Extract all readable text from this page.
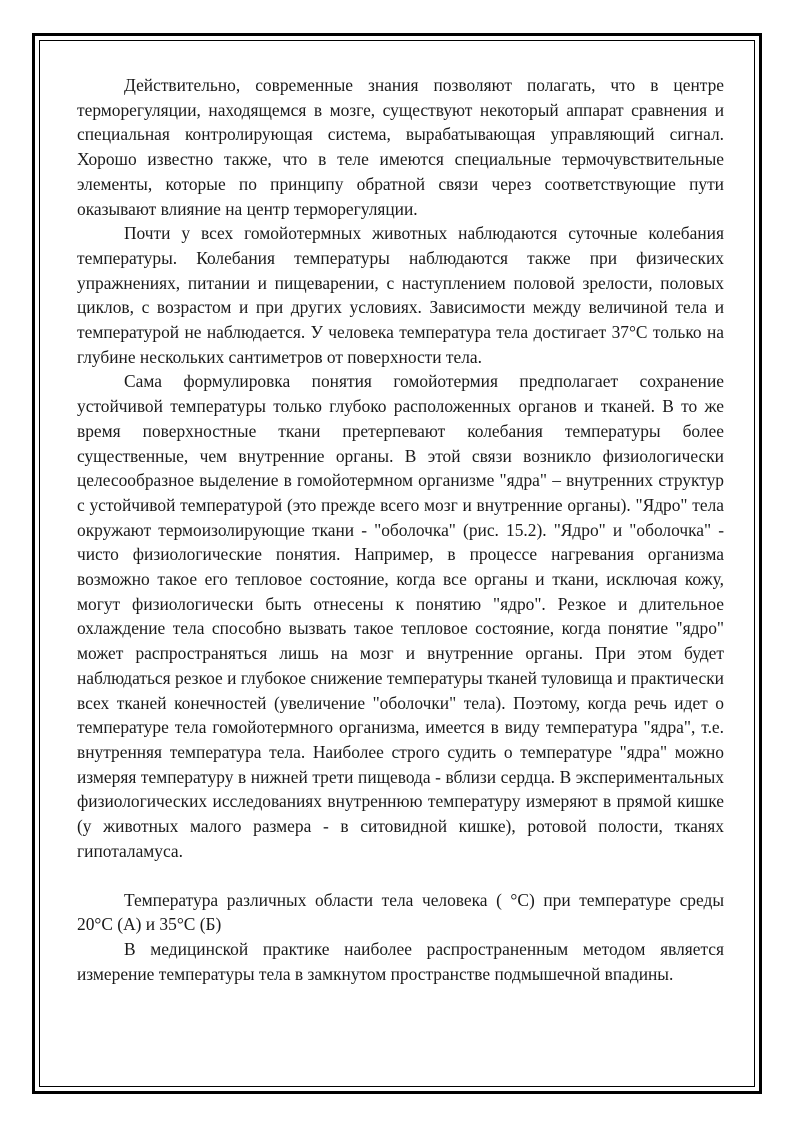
Действительно, современные знания позволяют полагать, что в центре терморегуляции, находящемся в мозге, существуют некоторый аппарат сравнения и специальная контролирующая система, вырабатывающая управляющий сигнал. Хорошо известно также, что в теле имеются специальные термочувствительные элементы, которые по принципу обратной связи через соответствующие пути оказывают влияние на центр терморегуляции.

Почти у всех гомойотермных животных наблюдаются суточные колебания температуры. Колебания температуры наблюдаются также при физических упражнениях, питании и пищеварении, с наступлением половой зрелости, половых циклов, с возрастом и при других условиях. Зависимости между величиной тела и температурой не наблюдается. У человека температура тела достигает 37°C только на глубине нескольких сантиметров от поверхности тела.

Сама формулировка понятия гомойотермия предполагает сохранение устойчивой температуры только глубоко расположенных органов и тканей. В то же время поверхностные ткани претерпевают колебания температуры более существенные, чем внутренние органы. В этой связи возникло физиологически целесообразное выделение в гомойотермном организме "ядра" – внутренних структур с устойчивой температурой (это прежде всего мозг и внутренние органы). "Ядро" тела окружают термоизолирующие ткани - "оболочка" (рис. 15.2). "Ядро" и "оболочка" - чисто физиологические понятия. Например, в процессе нагревания организма возможно такое его тепловое состояние, когда все органы и ткани, исключая кожу, могут физиологически быть отнесены к понятию "ядро". Резкое и длительное охлаждение тела способно вызвать такое тепловое состояние, когда понятие "ядро" может распространяться лишь на мозг и внутренние органы. При этом будет наблюдаться резкое и глубокое снижение температуры тканей туловища и практически всех тканей конечностей (увеличение "оболочки" тела). Поэтому, когда речь идет о температуре тела гомойотермного организма, имеется в виду температура "ядра", т.е. внутренняя температура тела. Наиболее строго судить о температуре "ядра" можно измеряя температуру в нижней трети пищевода - вблизи сердца. В экспериментальных физиологических исследованиях внутреннюю температуру измеряют в прямой кишке (у животных малого размера - в ситовидной кишке), ротовой полости, тканях гипоталамуса.

Температура различных области тела человека ( °C) при температуре среды 20°C (А) и 35°C (Б)

В медицинской практике наиболее распространенным методом является измерение температуры тела в замкнутом пространстве подмышечной впадины.
